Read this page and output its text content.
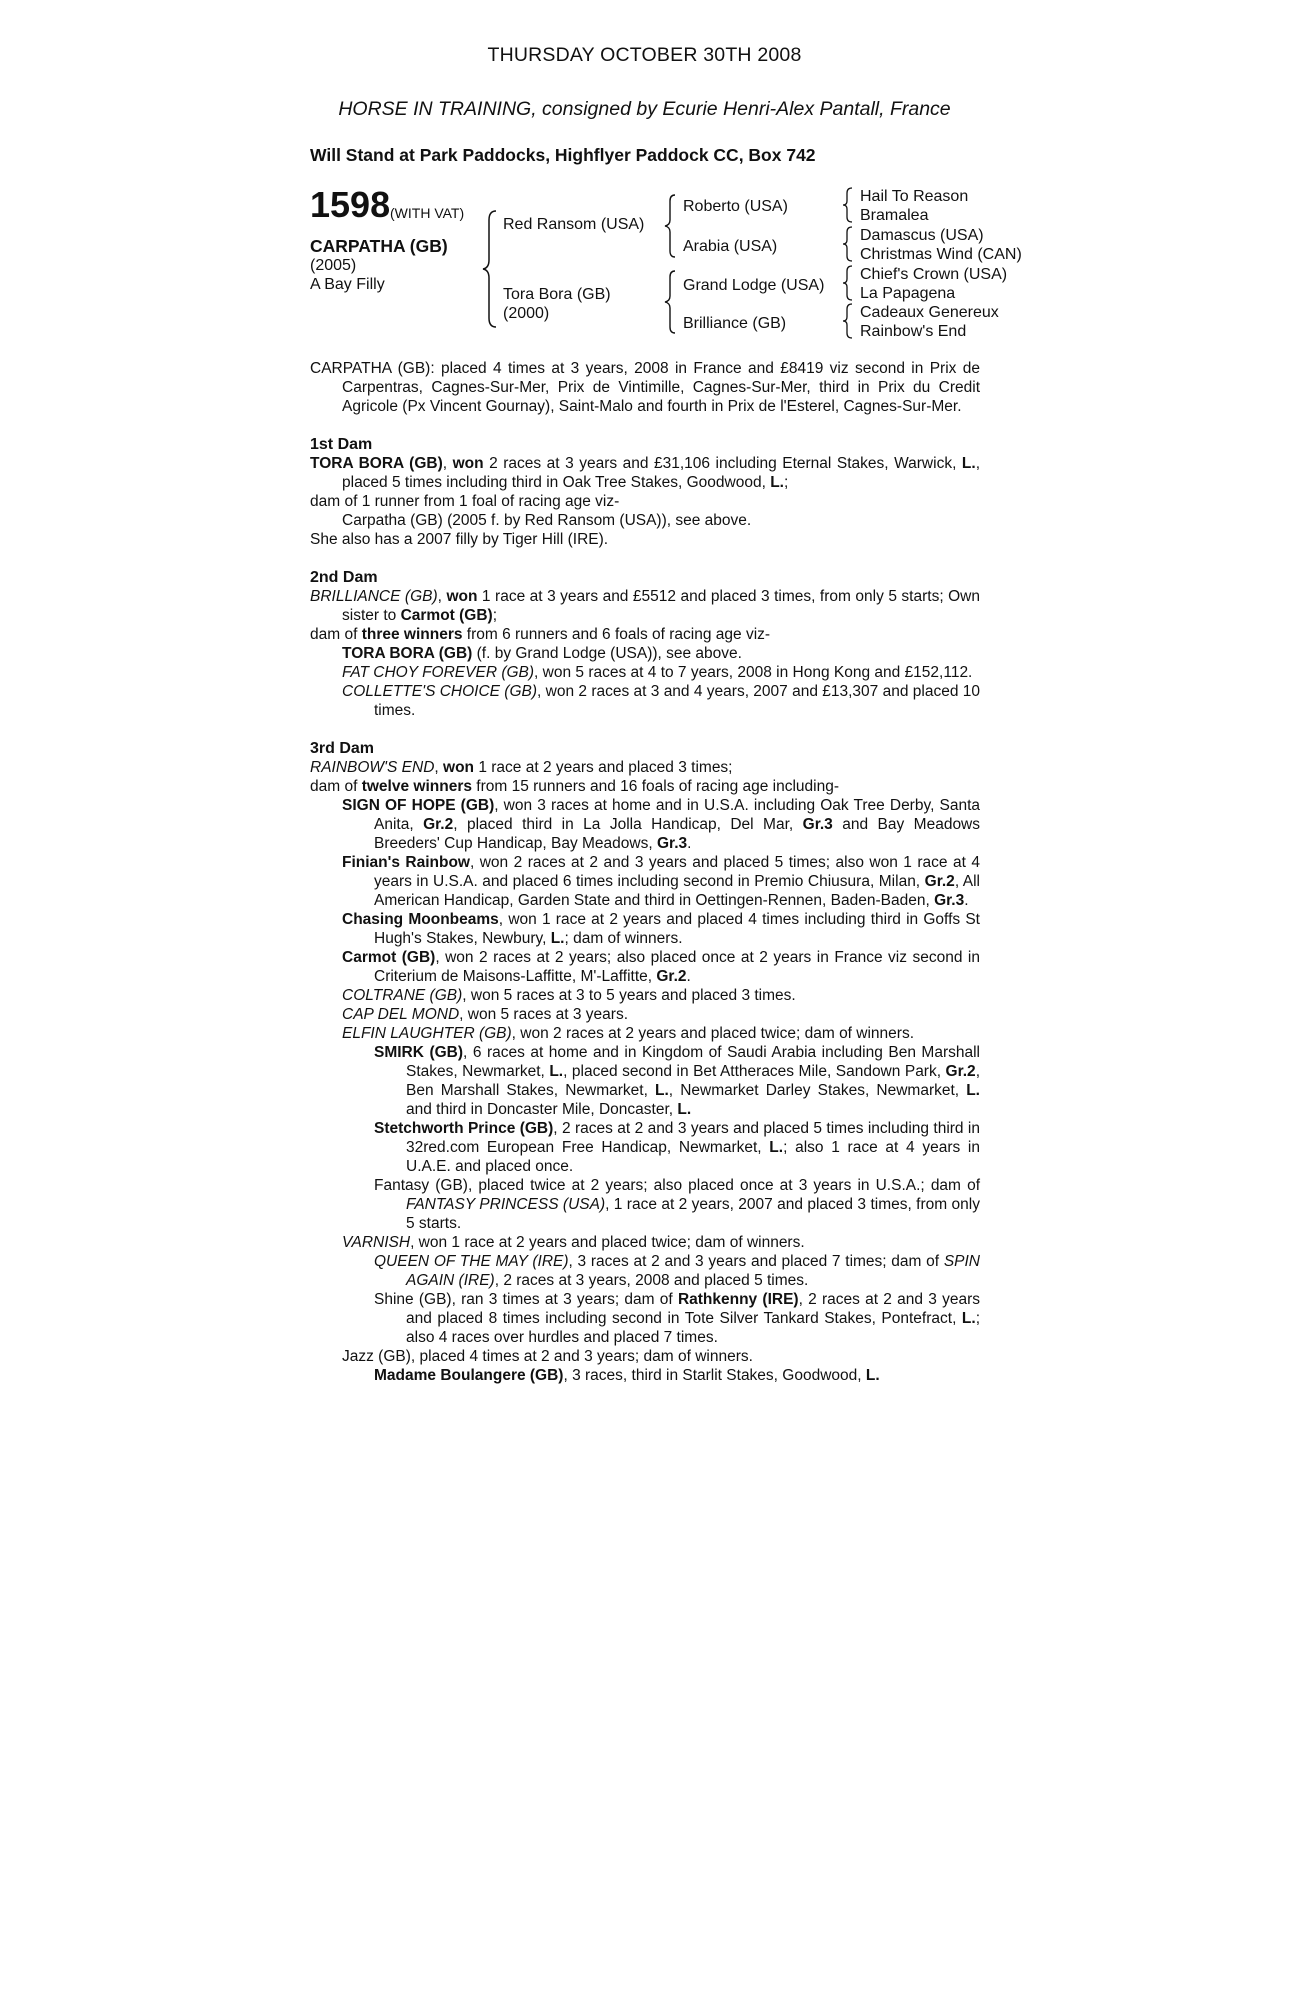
THURSDAY OCTOBER 30TH 2008
HORSE IN TRAINING, consigned by Ecurie Henri-Alex Pantall, France
Will Stand at Park Paddocks, Highflyer Paddock CC, Box 742
1598 (WITH VAT)
CARPATHA (GB)
(2005)
A Bay Filly
Red Ransom (USA)
Tora Bora (GB)
(2000)
Roberto (USA)
Arabia (USA)
Grand Lodge (USA)
Brilliance (GB)
Hail To Reason
Bramalea
Damascus (USA)
Christmas Wind (CAN)
Chief's Crown (USA)
La Papagena
Cadeaux Genereux
Rainbow's End

CARPATHA (GB): placed 4 times at 3 years, 2008 in France and £8419 viz second in Prix de Carpentras, Cagnes-Sur-Mer, Prix de Vintimille, Cagnes-Sur-Mer, third in Prix du Credit Agricole (Px Vincent Gournay), Saint-Malo and fourth in Prix de l'Esterel, Cagnes-Sur-Mer.

1st Dam

TORA BORA (GB), won 2 races at 3 years and £31,106 including Eternal Stakes, Warwick, L., placed 5 times including third in Oak Tree Stakes, Goodwood, L.;

dam of 1 runner from 1 foal of racing age viz-

Carpatha (GB) (2005 f. by Red Ransom (USA)), see above.

She also has a 2007 filly by Tiger Hill (IRE).

2nd Dam

BRILLIANCE (GB), won 1 race at 3 years and £5512 and placed 3 times, from only 5 starts; Own sister to Carmot (GB);

dam of three winners from 6 runners and 6 foals of racing age viz-

TORA BORA (GB) (f. by Grand Lodge (USA)), see above.

FAT CHOY FOREVER (GB), won 5 races at 4 to 7 years, 2008 in Hong Kong and £152,112.

COLLETTE'S CHOICE (GB), won 2 races at 3 and 4 years, 2007 and £13,307 and placed 10 times.

3rd Dam

RAINBOW'S END, won 1 race at 2 years and placed 3 times;

dam of twelve winners from 15 runners and 16 foals of racing age including-

SIGN OF HOPE (GB), won 3 races at home and in U.S.A. including Oak Tree Derby, Santa Anita, Gr.2, placed third in La Jolla Handicap, Del Mar, Gr.3 and Bay Meadows Breeders' Cup Handicap, Bay Meadows, Gr.3.

Finian's Rainbow, won 2 races at 2 and 3 years and placed 5 times; also won 1 race at 4 years in U.S.A. and placed 6 times including second in Premio Chiusura, Milan, Gr.2, All American Handicap, Garden State and third in Oettingen-Rennen, Baden-Baden, Gr.3.

Chasing Moonbeams, won 1 race at 2 years and placed 4 times including third in Goffs St Hugh's Stakes, Newbury, L.; dam of winners.

Carmot (GB), won 2 races at 2 years; also placed once at 2 years in France viz second in Criterium de Maisons-Laffitte, M'-Laffitte, Gr.2.

COLTRANE (GB), won 5 races at 3 to 5 years and placed 3 times.

CAP DEL MOND, won 5 races at 3 years.

ELFIN LAUGHTER (GB), won 2 races at 2 years and placed twice; dam of winners.

SMIRK (GB), 6 races at home and in Kingdom of Saudi Arabia including Ben Marshall Stakes, Newmarket, L., placed second in Bet Attheraces Mile, Sandown Park, Gr.2, Ben Marshall Stakes, Newmarket, L., Newmarket Darley Stakes, Newmarket, L. and third in Doncaster Mile, Doncaster, L.

Stetchworth Prince (GB), 2 races at 2 and 3 years and placed 5 times including third in 32red.com European Free Handicap, Newmarket, L.; also 1 race at 4 years in U.A.E. and placed once.

Fantasy (GB), placed twice at 2 years; also placed once at 3 years in U.S.A.; dam of FANTASY PRINCESS (USA), 1 race at 2 years, 2007 and placed 3 times, from only 5 starts.

VARNISH, won 1 race at 2 years and placed twice; dam of winners.

QUEEN OF THE MAY (IRE), 3 races at 2 and 3 years and placed 7 times; dam of SPIN AGAIN (IRE), 2 races at 3 years, 2008 and placed 5 times.

Shine (GB), ran 3 times at 3 years; dam of Rathkenny (IRE), 2 races at 2 and 3 years and placed 8 times including second in Tote Silver Tankard Stakes, Pontefract, L.; also 4 races over hurdles and placed 7 times.

Jazz (GB), placed 4 times at 2 and 3 years; dam of winners.

Madame Boulangere (GB), 3 races, third in Starlit Stakes, Goodwood, L.
